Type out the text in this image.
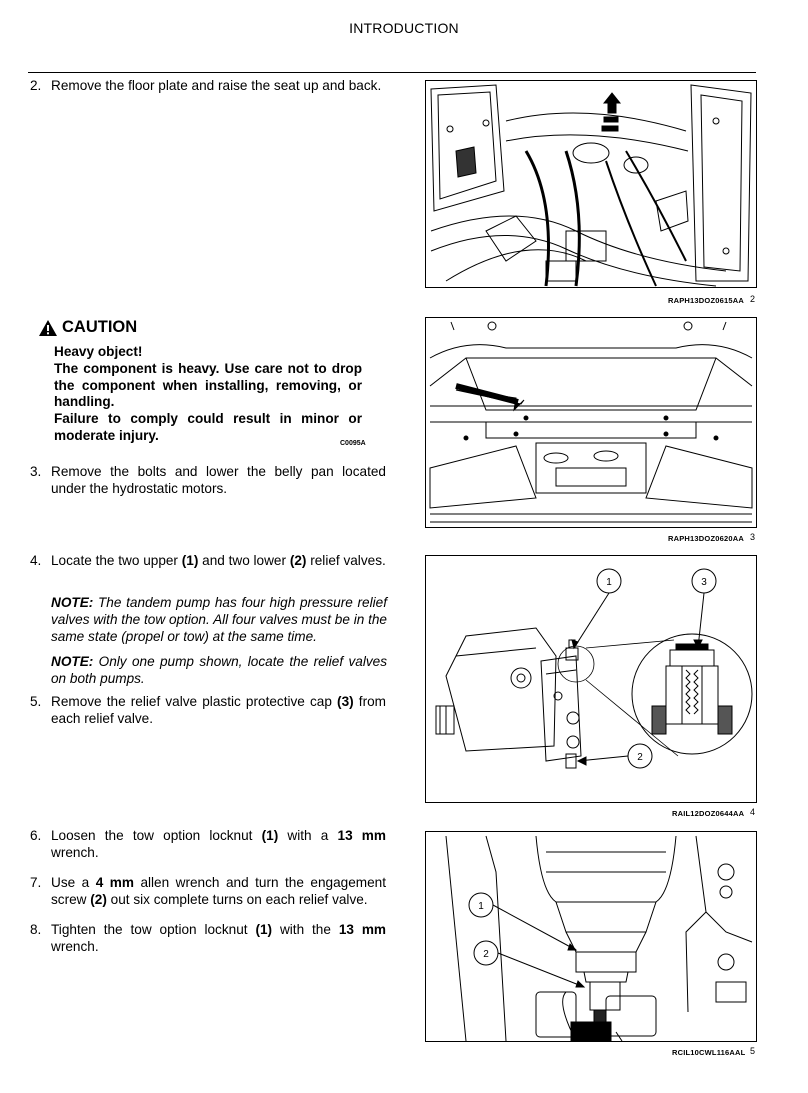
INTRODUCTION
2. Remove the floor plate and raise the seat up and back.
CAUTION
Heavy object!
The component is heavy. Use care not to drop the component when installing, removing, or handling.
Failure to comply could result in minor or moderate injury.
C0095A
3. Remove the bolts and lower the belly pan located under the hydrostatic motors.
4. Locate the two upper (1) and two lower (2) relief valves.
NOTE: The tandem pump has four high pressure relief valves with the tow option. All four valves must be in the same state (propel or tow) at the same time.
NOTE: Only one pump shown, locate the relief valves on both pumps.
5. Remove the relief valve plastic protective cap (3) from each relief valve.
6. Loosen the tow option locknut (1) with a 13 mm wrench.
7. Use a 4 mm allen wrench and turn the engagement screw (2) out six complete turns on each relief valve.
8. Tighten the tow option locknut (1) with the 13 mm wrench.
RAPH13DOZ0615AA 2
RAPH13DOZ0620AA 3
1	3
2
RAIL12DOZ0644AA 4
1
2
RCIL10CWL116AAL 5
